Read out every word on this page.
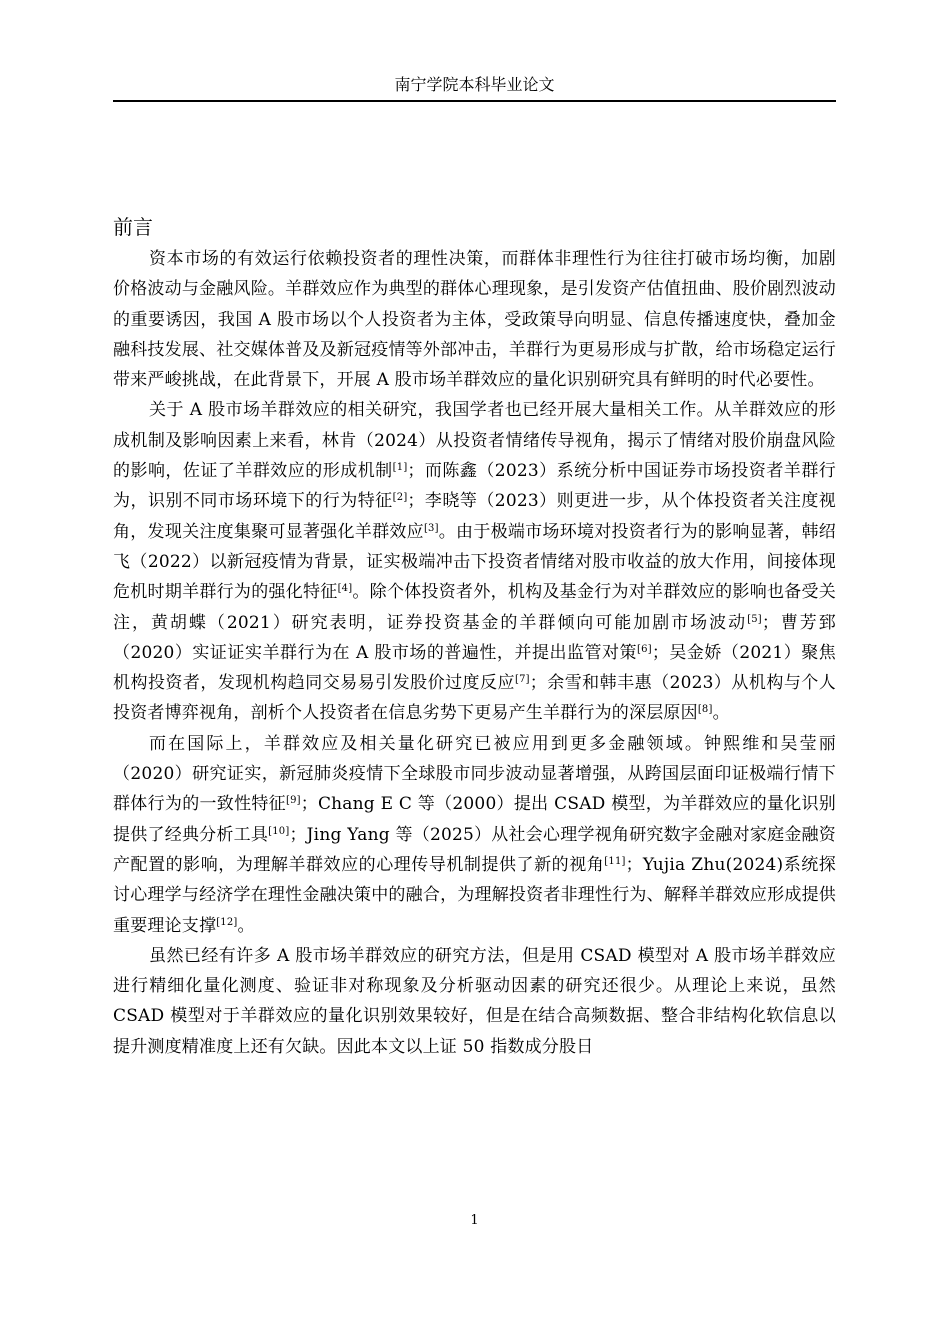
南宁学院本科毕业论文
前言

资本市场的有效运行依赖投资者的理性决策，而群体非理性行为往往打破市场均衡，加剧价格波动与金融风险。羊群效应作为典型的群体心理现象，是引发资产估值扭曲、股价剧烈波动的重要诱因，我国 A 股市场以个人投资者为主体，受政策导向明显、信息传播速度快，叠加金融科技发展、社交媒体普及及新冠疫情等外部冲击，羊群行为更易形成与扩散，给市场稳定运行带来严峻挑战，在此背景下，开展 A 股市场羊群效应的量化识别研究具有鲜明的时代必要性。

关于 A 股市场羊群效应的相关研究，我国学者也已经开展大量相关工作。从羊群效应的形成机制及影响因素上来看，林肯（2024）从投资者情绪传导视角，揭示了情绪对股价崩盘风险的影响，佐证了羊群效应的形成机制[1]；而陈鑫（2023）系统分析中国证券市场投资者羊群行为，识别不同市场环境下的行为特征[2]；李晓等（2023）则更进一步，从个体投资者关注度视角，发现关注度集聚可显著强化羊群效应[3]。由于极端市场环境对投资者行为的影响显著，韩绍飞（2022）以新冠疫情为背景，证实极端冲击下投资者情绪对股市收益的放大作用，间接体现危机时期羊群行为的强化特征[4]。除个体投资者外，机构及基金行为对羊群效应的影响也备受关注，黄胡蝶（2021）研究表明，证券投资基金的羊群倾向可能加剧市场波动[5]；曹芳郅（2020）实证证实羊群行为在 A 股市场的普遍性，并提出监管对策[6]；吴金娇（2021）聚焦机构投资者，发现机构趋同交易易引发股价过度反应[7]；余雪和韩丰惠（2023）从机构与个人投资者博弈视角，剖析个人投资者在信息劣势下更易产生羊群行为的深层原因[8]。

而在国际上，羊群效应及相关量化研究已被应用到更多金融领域。钟熙维和吴莹丽（2020）研究证实，新冠肺炎疫情下全球股市同步波动显著增强，从跨国层面印证极端行情下群体行为的一致性特征[9]；Chang E C 等（2000）提出 CSAD 模型，为羊群效应的量化识别提供了经典分析工具[10]；Jing Yang 等（2025）从社会心理学视角研究数字金融对家庭金融资产配置的影响，为理解羊群效应的心理传导机制提供了新的视角[11]；Yujia Zhu(2024)系统探讨心理学与经济学在理性金融决策中的融合，为理解投资者非理性行为、解释羊群效应形成提供重要理论支撑[12]。

虽然已经有许多 A 股市场羊群效应的研究方法，但是用 CSAD 模型对 A 股市场羊群效应进行精细化量化测度、验证非对称现象及分析驱动因素的研究还很少。从理论上来说，虽然 CSAD 模型对于羊群效应的量化识别效果较好，但是在结合高频数据、整合非结构化软信息以提升测度精准度上还有欠缺。因此本文以上证 50 指数成分股日

1
